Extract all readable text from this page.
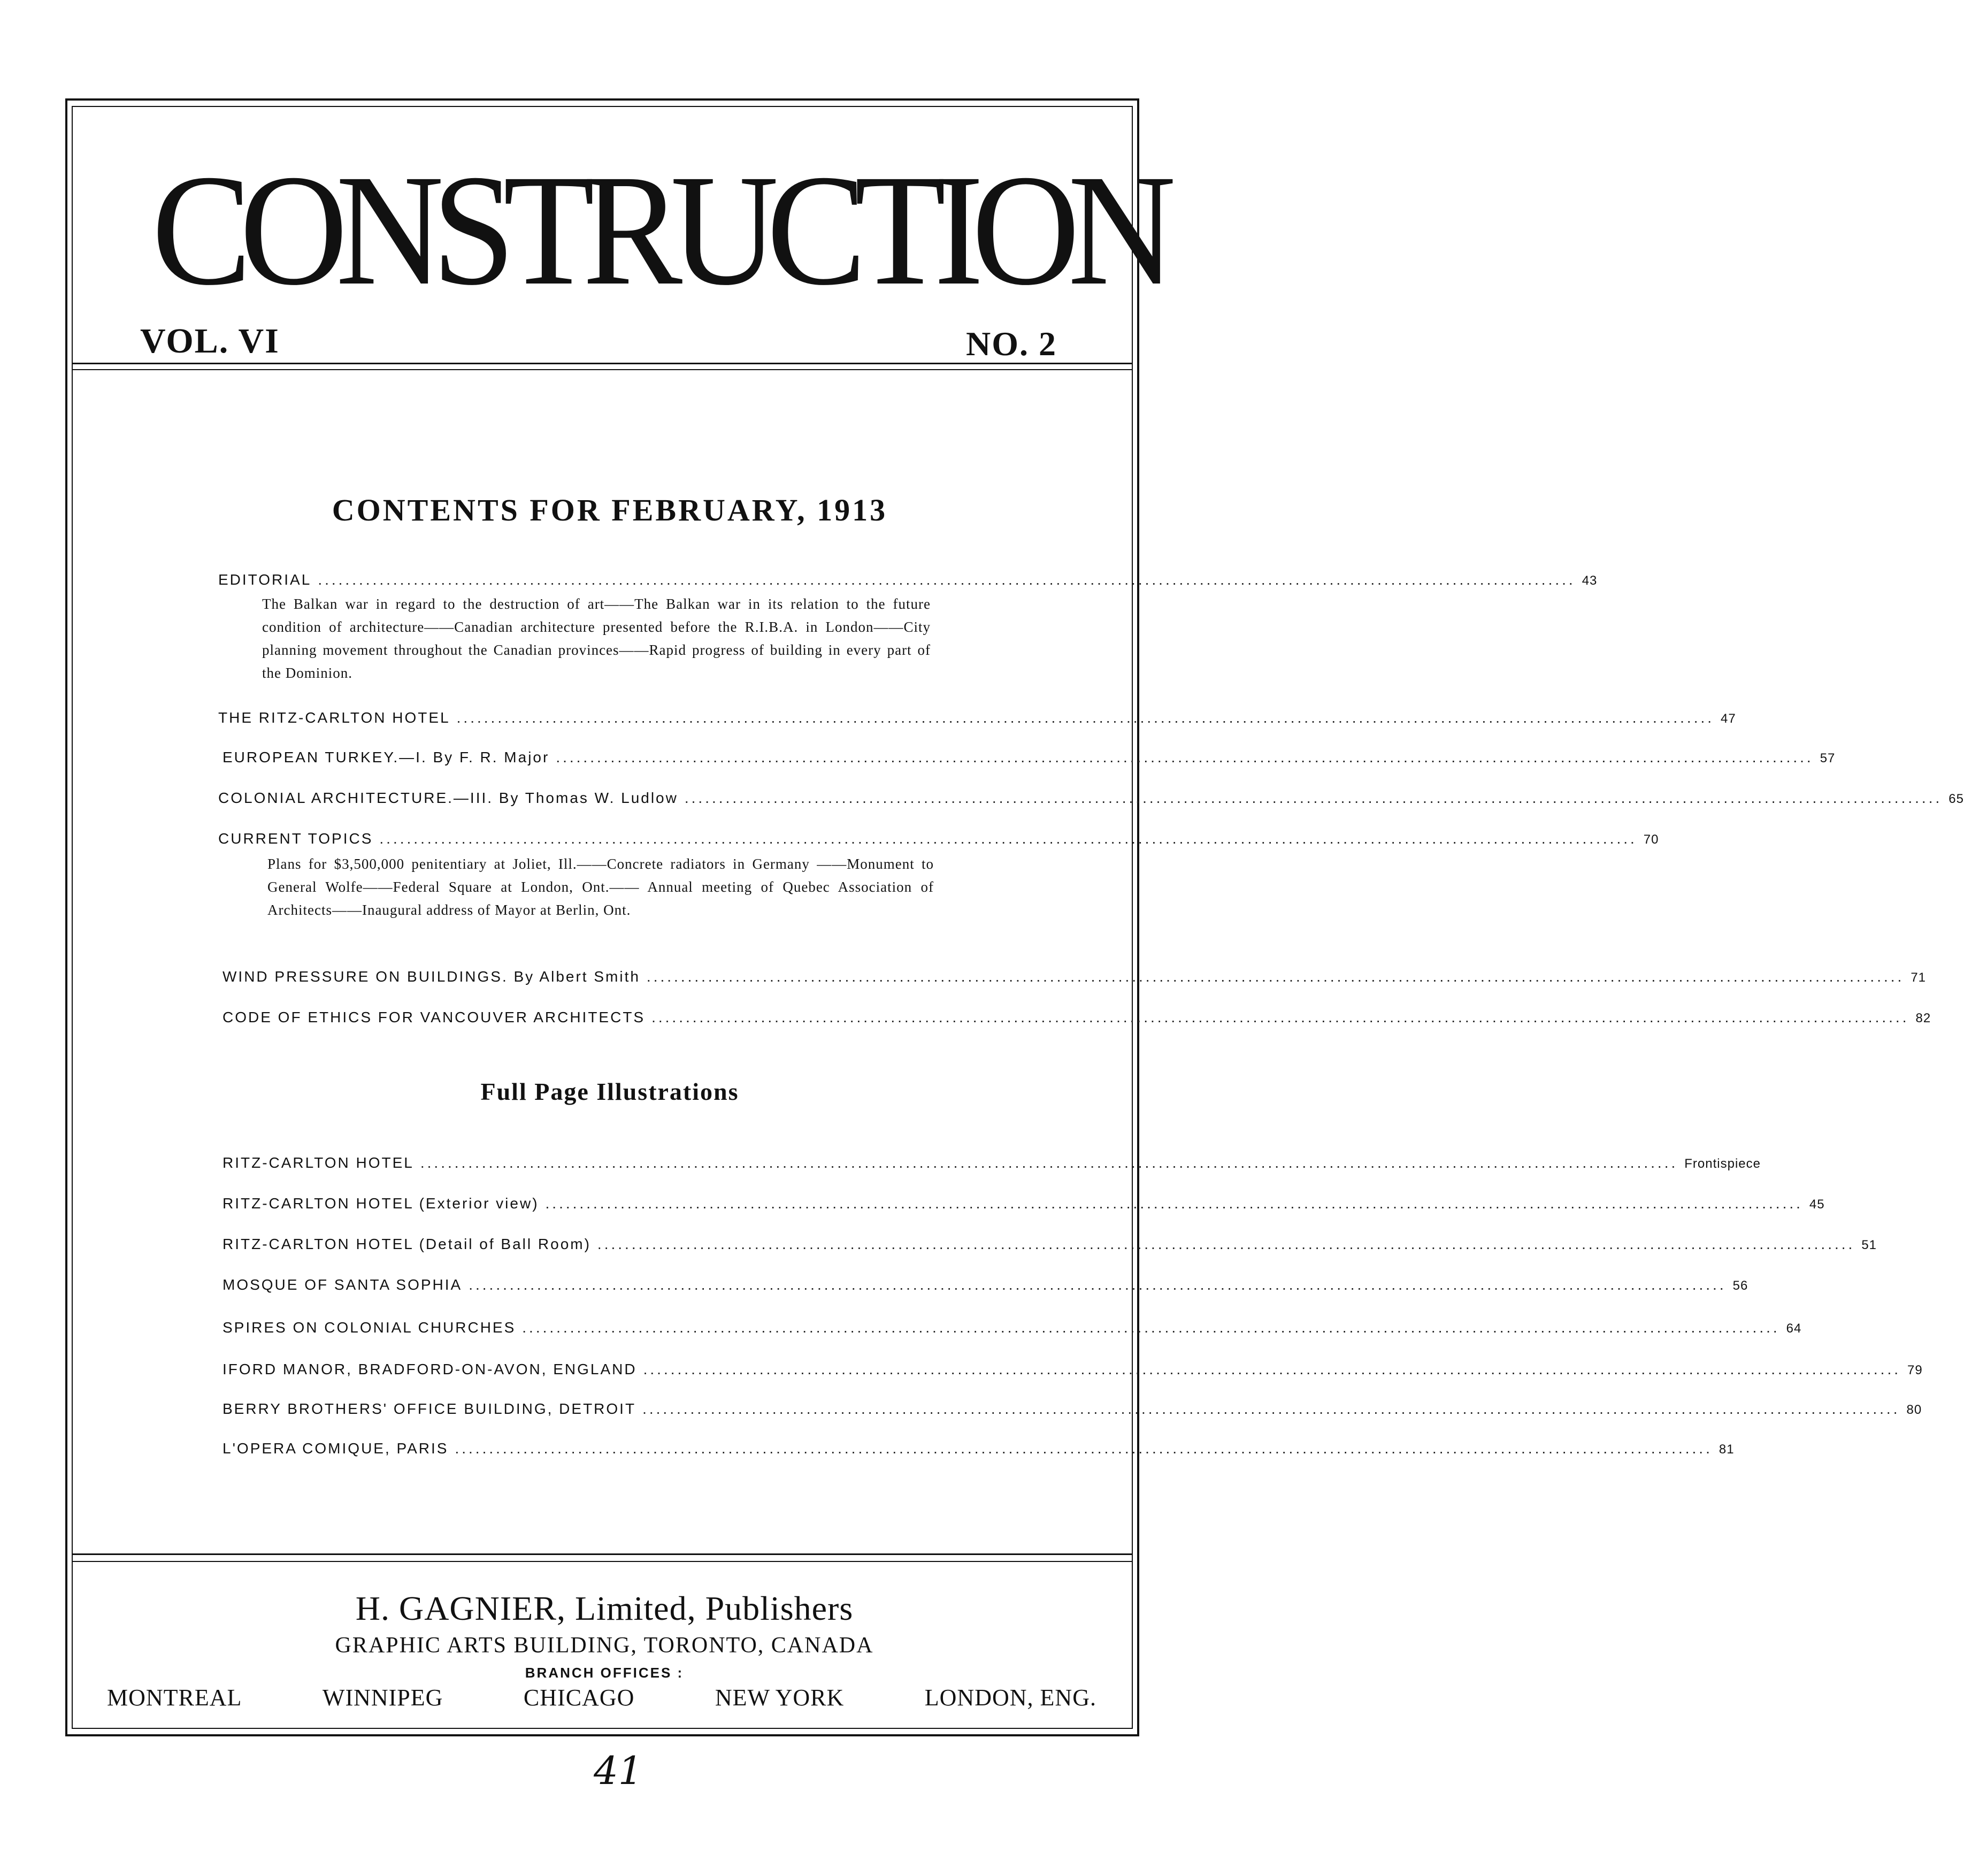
CONSTRUCTION
VOL. VI	NO. 2
CONTENTS FOR FEBRUARY, 1913
EDITORIAL ........................................................................................................................................................................................ 43
The Balkan war in regard to the destruction of art——The Balkan war in its relation to the future condition of architecture——Canadian architecture presented before the R.I.B.A. in London——City planning movement throughout the Canadian provinces——Rapid progress of building in every part of the Dominion.
THE RITZ-CARLTON HOTEL ........................................................................................................................................................................................ 47
EUROPEAN TURKEY.—I. By F. R. Major ........................................................................................................................................................................................ 57
COLONIAL ARCHITECTURE.—III. By Thomas W. Ludlow ........................................................................................................................................................................................ 65
CURRENT TOPICS ........................................................................................................................................................................................ 70
Plans for $3,500,000 penitentiary at Joliet, Ill.——Concrete radiators in Germany ——Monument to General Wolfe——Federal Square at London, Ont.—— Annual meeting of Quebec Association of Architects——Inaugural address of Mayor at Berlin, Ont.
WIND PRESSURE ON BUILDINGS. By Albert Smith ........................................................................................................................................................................................ 71
CODE OF ETHICS FOR VANCOUVER ARCHITECTS ........................................................................................................................................................................................ 82
Full Page Illustrations
RITZ-CARLTON HOTEL ........................................................................................................................................................................................ Frontispiece
RITZ-CARLTON HOTEL (Exterior view) ........................................................................................................................................................................................ 45
RITZ-CARLTON HOTEL (Detail of Ball Room) ........................................................................................................................................................................................ 51
MOSQUE OF SANTA SOPHIA ........................................................................................................................................................................................ 56
SPIRES ON COLONIAL CHURCHES ........................................................................................................................................................................................ 64
IFORD MANOR, BRADFORD-ON-AVON, ENGLAND ........................................................................................................................................................................................ 79
BERRY BROTHERS' OFFICE BUILDING, DETROIT ........................................................................................................................................................................................ 80
L'OPERA COMIQUE, PARIS ........................................................................................................................................................................................ 81
H. GAGNIER, Limited, Publishers
GRAPHIC ARTS BUILDING, TORONTO, CANADA
BRANCH OFFICES :
MONTREAL	WINNIPEG	CHICAGO	NEW YORK	LONDON, ENG.
41
